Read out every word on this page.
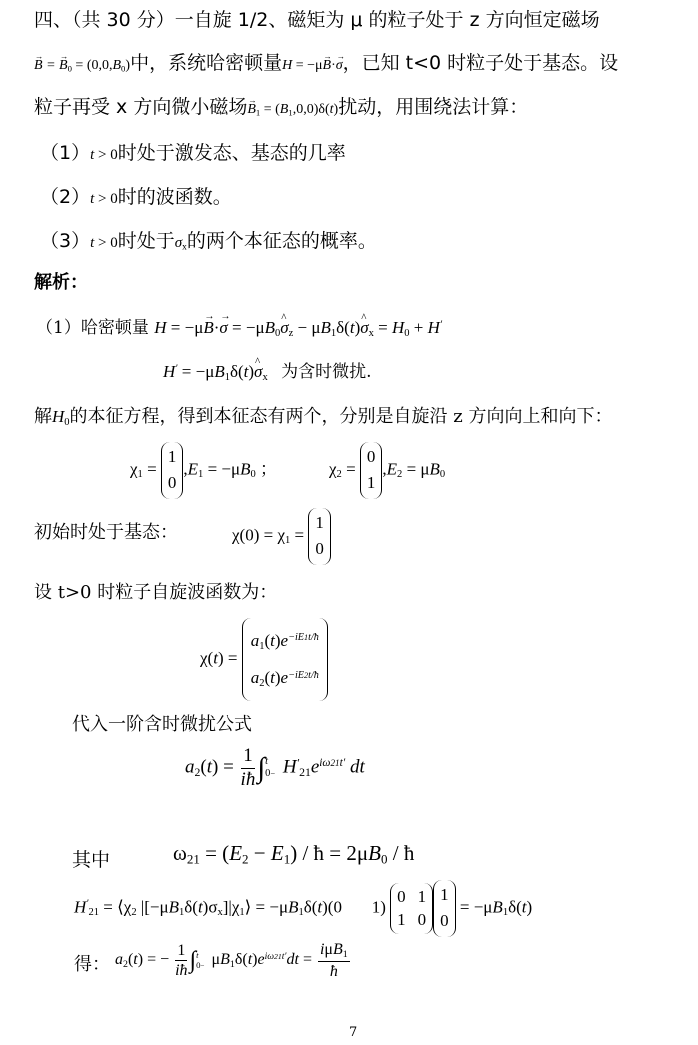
四、（共 30 分）一自旋 1/2、磁矩为 μ 的粒子处于 z 方向恒定磁场
→ B = → $B_0 = (0,0,B_0)$中，系统哈密顿量H = −μ→ B·→ σ，已知 t<0 时粒子处于基态。设
粒子再受 x 方向微小磁场→ $B_1 = (B_1,0,0)\delta(t)$扰动，用围绕法计算：
（1）t > 0时处于激发态、基态的几率
（2）t > 0时的波函数。
（3）t > 0时处于$\sigma_x$的两个本征态的概率。
解析：
（1）哈密顿量 $H = -\mu\to B\cdot\to \sigma = -\mu B_0\^{}$ $\sigma_z$ − $\mu B_1\delta(t)\^{}$ $\sigma_x = H_0 + H'$
$H' = -\mu B_1\delta(t)\^{}$ $\sigma_x$ 为含时微扰.
解$H_0$的本征方程，得到本征态有两个，分别是自旋沿 z 方向向上和向下：
$\chi_1$ =
1
0
$,E_1 = -\mu B_0$ ；	$\chi_2$ =
0
1
$,E_2 = \mu B_0$
初始时处于基态：	$\chi(0) = \chi_1$ =
1
0
设 t>0 时粒子自旋波函数为：
χ(t) =
$a_1(t)e^{-iE1t/ħ}$
$a_2(t)e^{-iE2t/ħ}$
代入一阶含时微扰公式
$a_2(t) = \frac{1}{iħ}$ ∫ t
$0- H'_{21}e^{i\omega 21t'}$ dt
其中	$\omega_{21} = (E_2 - E_1)$ / ħ = $2\mu B_0$ / ħ
$H'_{21}$ = $⟨\chi_2$ $|[-\mu B_1\delta(t)\sigma_x]|\chi_1⟩ = -\mu B_1\delta(t)(0$       1)
0 1
1 0
1
0
= $-\mu B_1\delta(t)$
得： $a_2(t)$ = − $\frac{1}{iħ}$ ∫ t
$0- \mu B_1\delta(t)e^{i\omega 21t'}dt = \frac{i\mu B_1}{ħ}$
7
